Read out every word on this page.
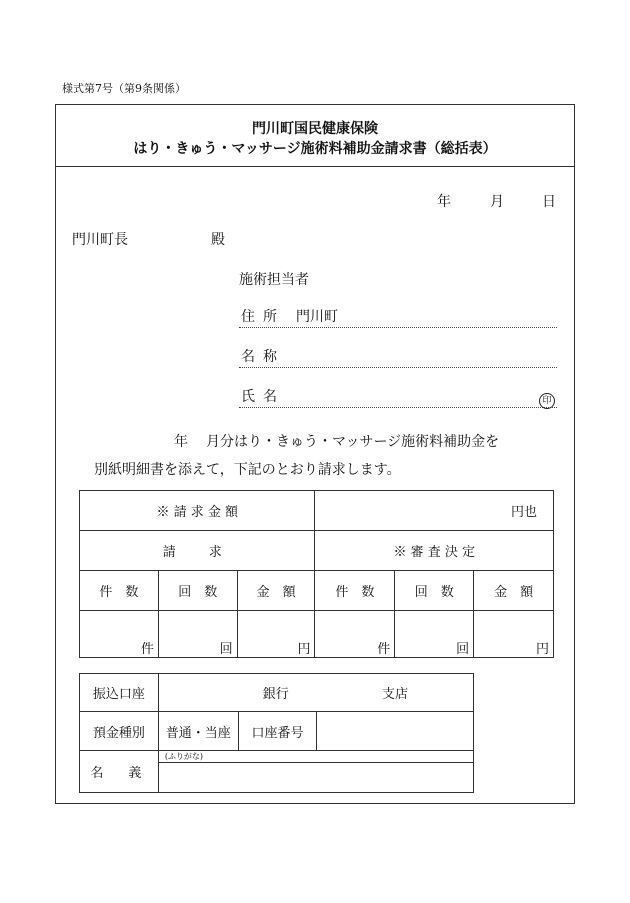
様式第7号（第9条関係）
門川町国民健康保険
はり・きゅう・マッサージ施術料補助金請求書（総括表）
年	月	日
門川町長	殿
施術担当者
住所 門川町
名称
氏名	印
年 月分はり・きゅう・マッサージ施術料補助金を
別紙明細書を添えて，下記のとおり請求します。
※ 請 求 金 額			円也		
請　求			※ 審 査 決 定		
件　数	回　数	金　額	件　数	回　数	金　額
件	回	円	件	回	円
振込口座	銀行 支店		
預金種別	普通・当座	口座番号	
名　義	(ふりがな)		
